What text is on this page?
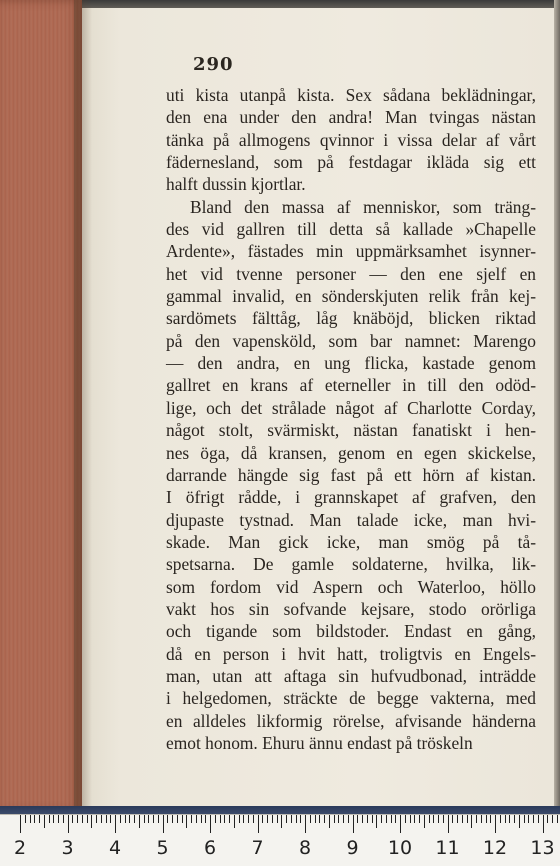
290
uti kista utanpå kista. Sex sådana beklädningar,
den ena under den andra! Man tvingas nästan
tänka på allmogens qvinnor i vissa delar af vårt
fädernesland, som på festdagar ikläda sig ett
halft dussin kjortlar.
Bland den massa af menniskor, som träng-
des vid gallren till detta så kallade »Chapelle
Ardente», fästades min uppmärksamhet isynner-
het vid tvenne personer — den ene sjelf en
gammal invalid, en sönderskjuten relik från kej-
sardömets fälttåg, låg knäböjd, blicken riktad
på den vapensköld, som bar namnet: Marengo
— den andra, en ung flicka, kastade genom
gallret en krans af eterneller in till den odöd-
lige, och det strålade något af Charlotte Corday,
något stolt, svärmiskt, nästan fanatiskt i hen-
nes öga, då kransen, genom en egen skickelse,
darrande hängde sig fast på ett hörn af kistan.
I öfrigt rådde, i grannskapet af grafven, den
djupaste tystnad. Man talade icke, man hvi-
skade. Man gick icke, man smög på tå-
spetsarna. De gamle soldaterne, hvilka, lik-
som fordom vid Aspern och Waterloo, höllo
vakt hos sin sofvande kejsare, stodo orörliga
och tigande som bildstoder. Endast en gång,
då en person i hvit hatt, troligtvis en Engels-
man, utan att aftaga sin hufvudbonad, inträdde
i helgedomen, sträckte de begge vakterna, med
en alldeles likformig rörelse, afvisande händerna
emot honom. Ehuru ännu endast på tröskeln
2 3 4 5 6 7 8 9 10 11 12 13
